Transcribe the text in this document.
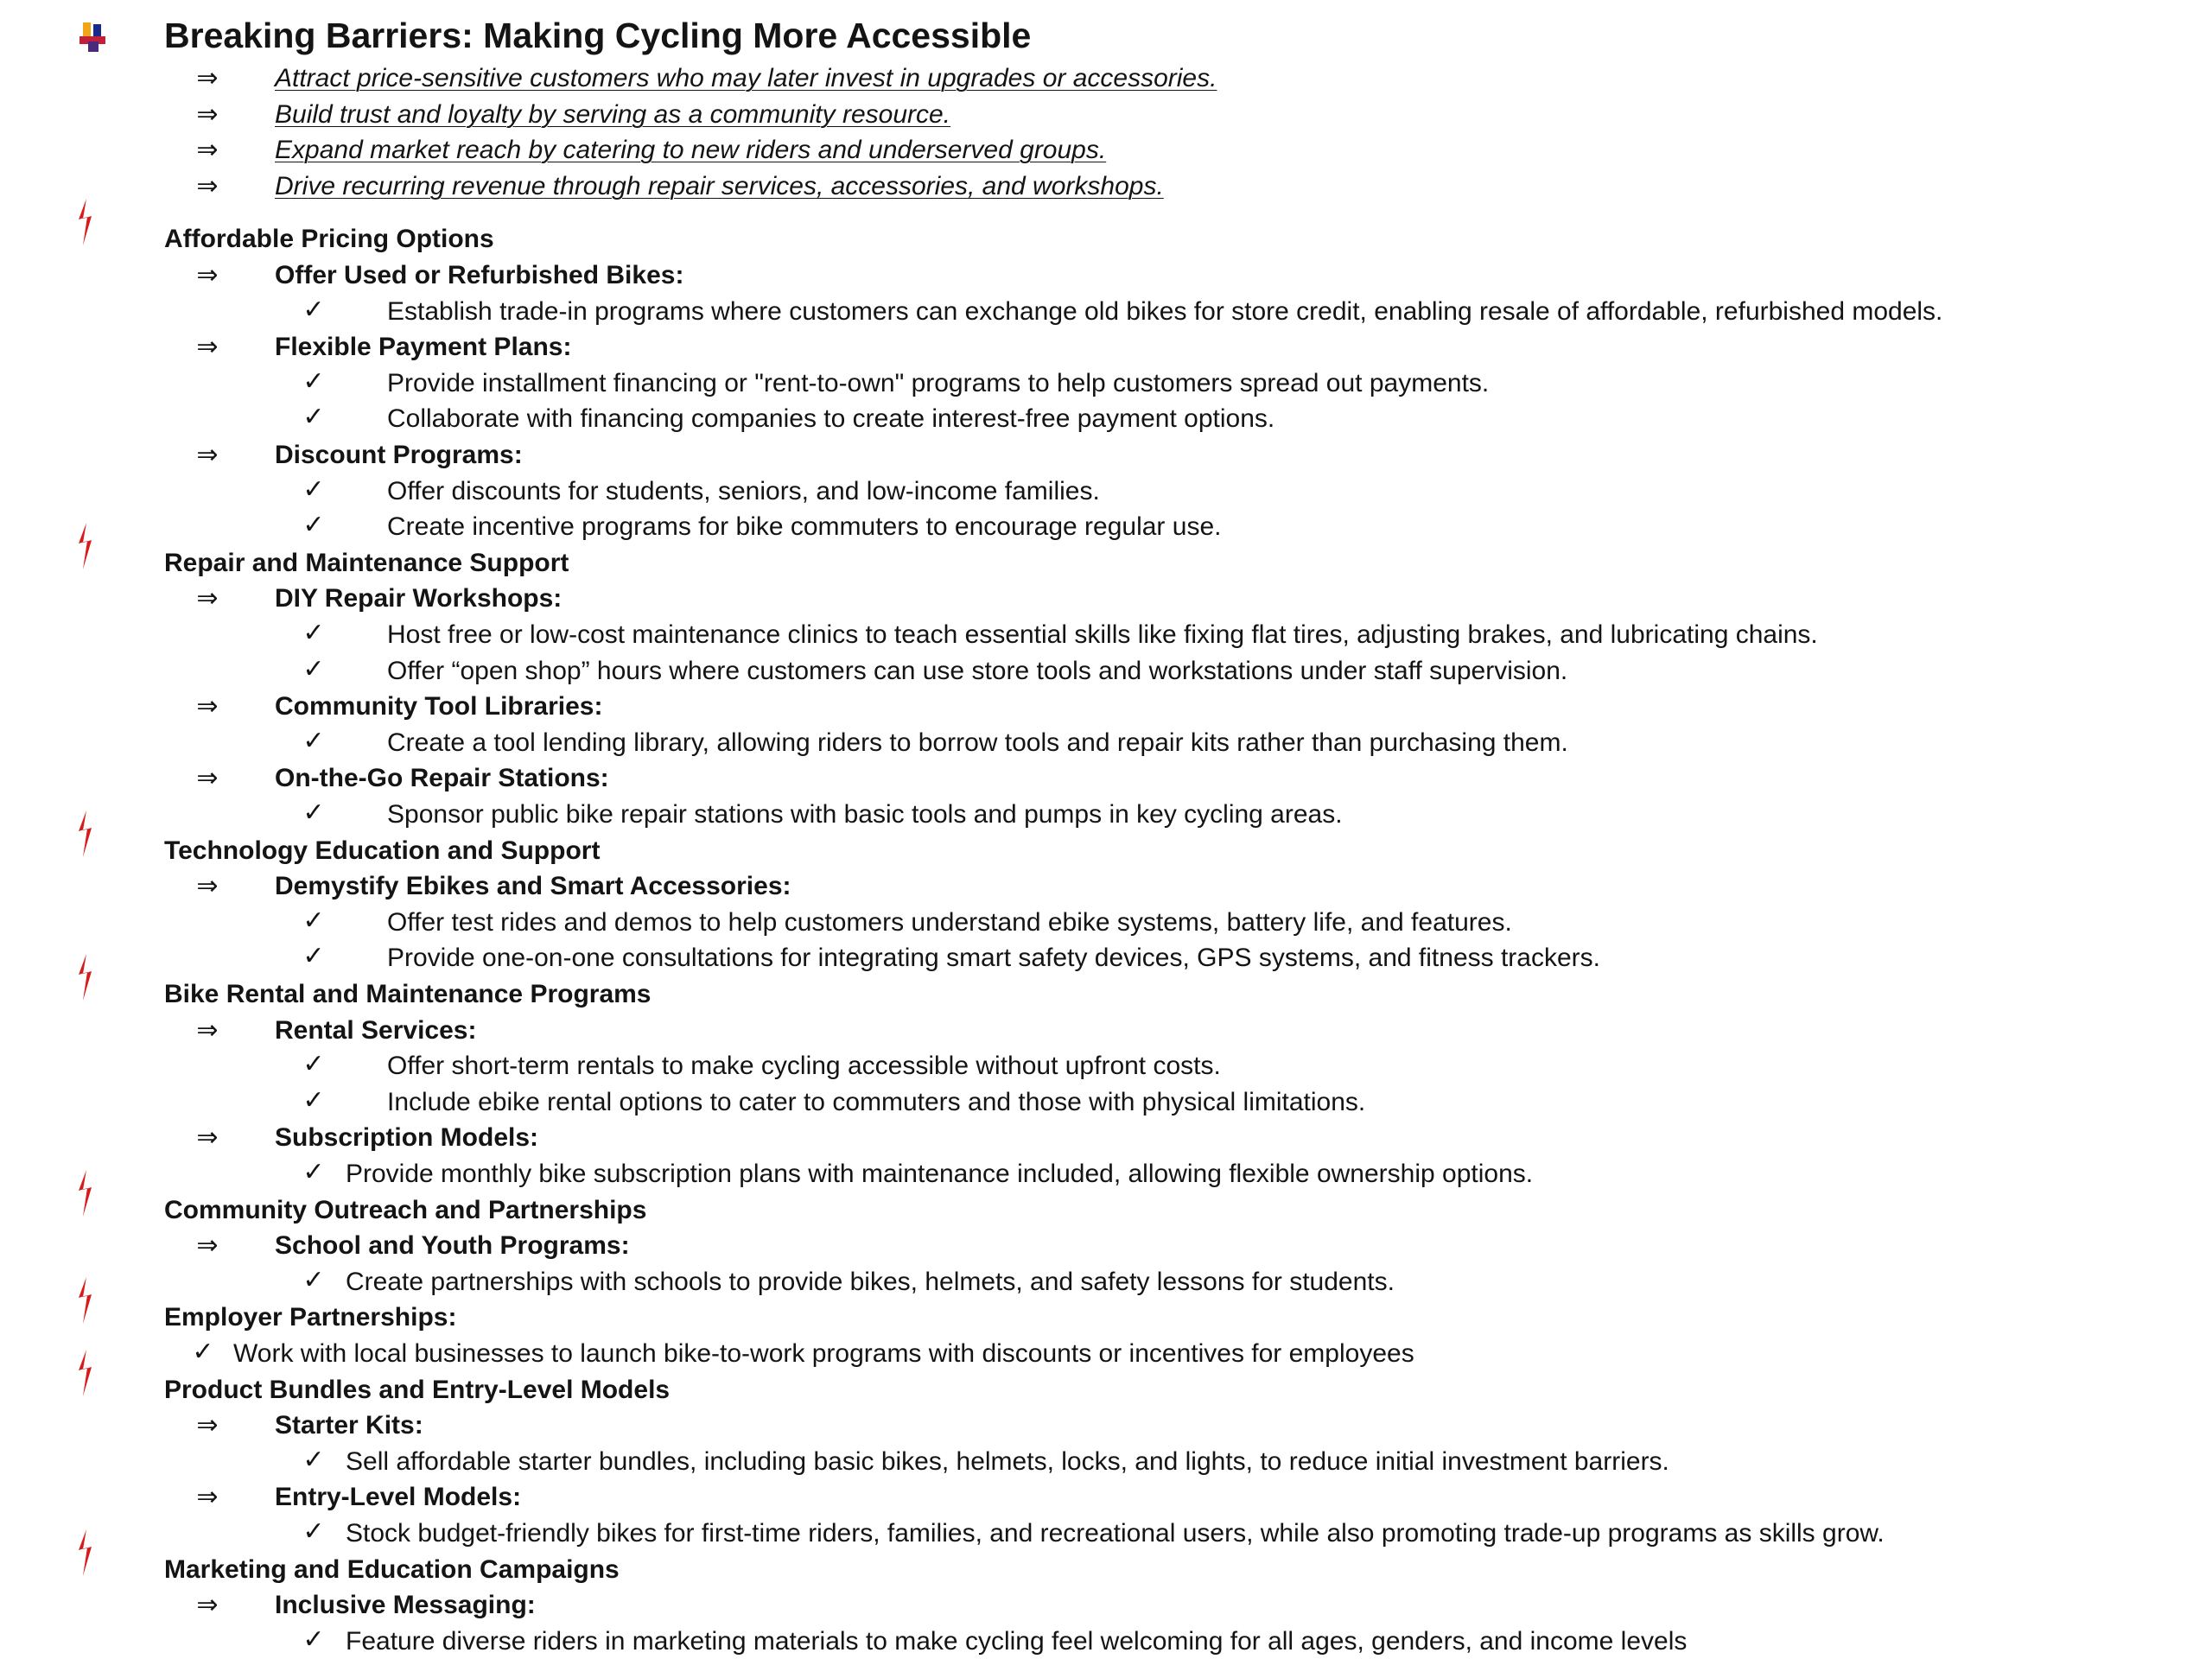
Breaking Barriers: Making Cycling More Accessible
⇒ Attract price-sensitive customers who may later invest in upgrades or accessories.
⇒ Build trust and loyalty by serving as a community resource.
⇒ Expand market reach by catering to new riders and underserved groups.
⇒ Drive recurring revenue through repair services, accessories, and workshops.
Affordable Pricing Options
⇒ Offer Used or Refurbished Bikes:
✓ Establish trade-in programs where customers can exchange old bikes for store credit, enabling resale of affordable, refurbished models.
⇒ Flexible Payment Plans:
✓ Provide installment financing or "rent-to-own" programs to help customers spread out payments.
✓ Collaborate with financing companies to create interest-free payment options.
⇒ Discount Programs:
✓ Offer discounts for students, seniors, and low-income families.
✓ Create incentive programs for bike commuters to encourage regular use.
Repair and Maintenance Support
⇒ DIY Repair Workshops:
✓ Host free or low-cost maintenance clinics to teach essential skills like fixing flat tires, adjusting brakes, and lubricating chains.
✓ Offer “open shop” hours where customers can use store tools and workstations under staff supervision.
⇒ Community Tool Libraries:
✓ Create a tool lending library, allowing riders to borrow tools and repair kits rather than purchasing them.
⇒ On-the-Go Repair Stations:
✓ Sponsor public bike repair stations with basic tools and pumps in key cycling areas.
Technology Education and Support
⇒ Demystify Ebikes and Smart Accessories:
✓ Offer test rides and demos to help customers understand ebike systems, battery life, and features.
✓ Provide one-on-one consultations for integrating smart safety devices, GPS systems, and fitness trackers.
Bike Rental and Maintenance Programs
⇒ Rental Services:
✓ Offer short-term rentals to make cycling accessible without upfront costs.
✓ Include ebike rental options to cater to commuters and those with physical limitations.
⇒ Subscription Models:
✓ Provide monthly bike subscription plans with maintenance included, allowing flexible ownership options.
Community Outreach and Partnerships
⇒ School and Youth Programs:
✓ Create partnerships with schools to provide bikes, helmets, and safety lessons for students.
Employer Partnerships:
✓ Work with local businesses to launch bike-to-work programs with discounts or incentives for employees
Product Bundles and Entry-Level Models
⇒ Starter Kits:
✓ Sell affordable starter bundles, including basic bikes, helmets, locks, and lights, to reduce initial investment barriers.
⇒ Entry-Level Models:
✓ Stock budget-friendly bikes for first-time riders, families, and recreational users, while also promoting trade-up programs as skills grow.
Marketing and Education Campaigns
⇒ Inclusive Messaging:
✓ Feature diverse riders in marketing materials to make cycling feel welcoming for all ages, genders, and income levels
